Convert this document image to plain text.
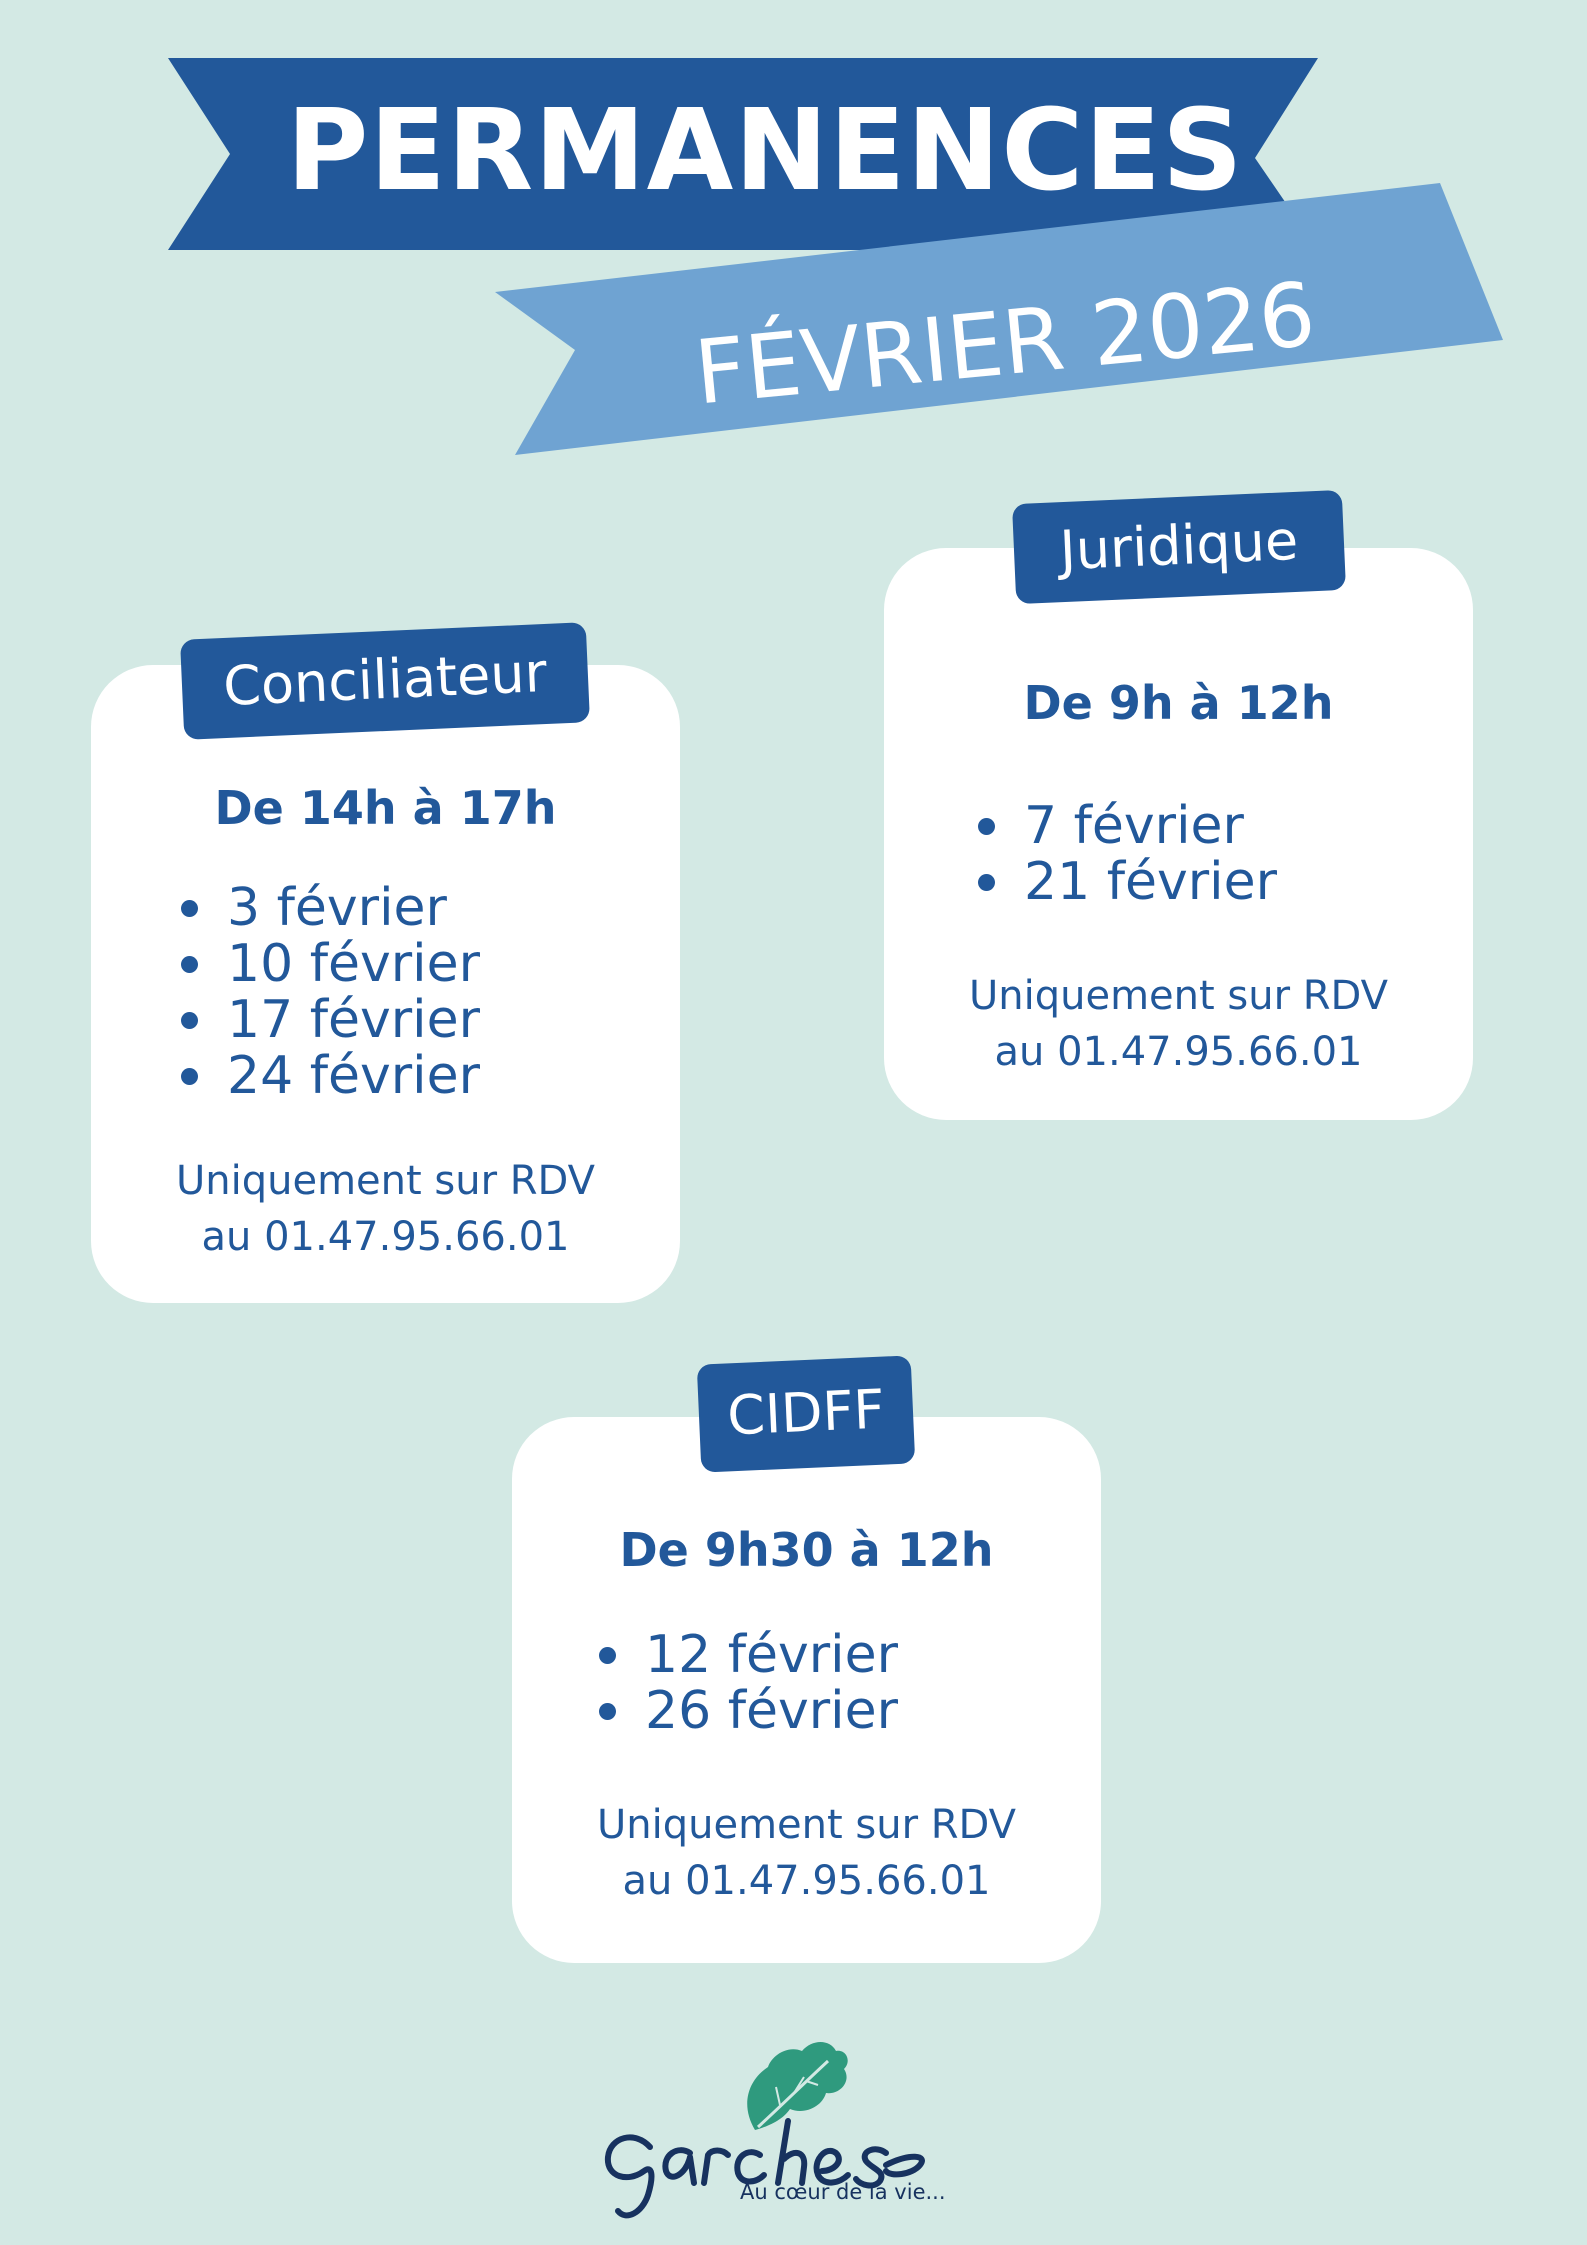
PERMANENCES
FÉVRIER 2026
De 14h à 17h
3 février
10 février
17 février
24 février
Uniquement sur RDV
au 01.47.95.66.01
Conciliateur	De 9h à 12h
7 février
21 février
Uniquement sur RDV
au 01.47.95.66.01
Juridique
De 9h30 à 12h
12 février
26 février
Uniquement sur RDV
au 01.47.95.66.01
CIDFF
Au cœur de la vie...
